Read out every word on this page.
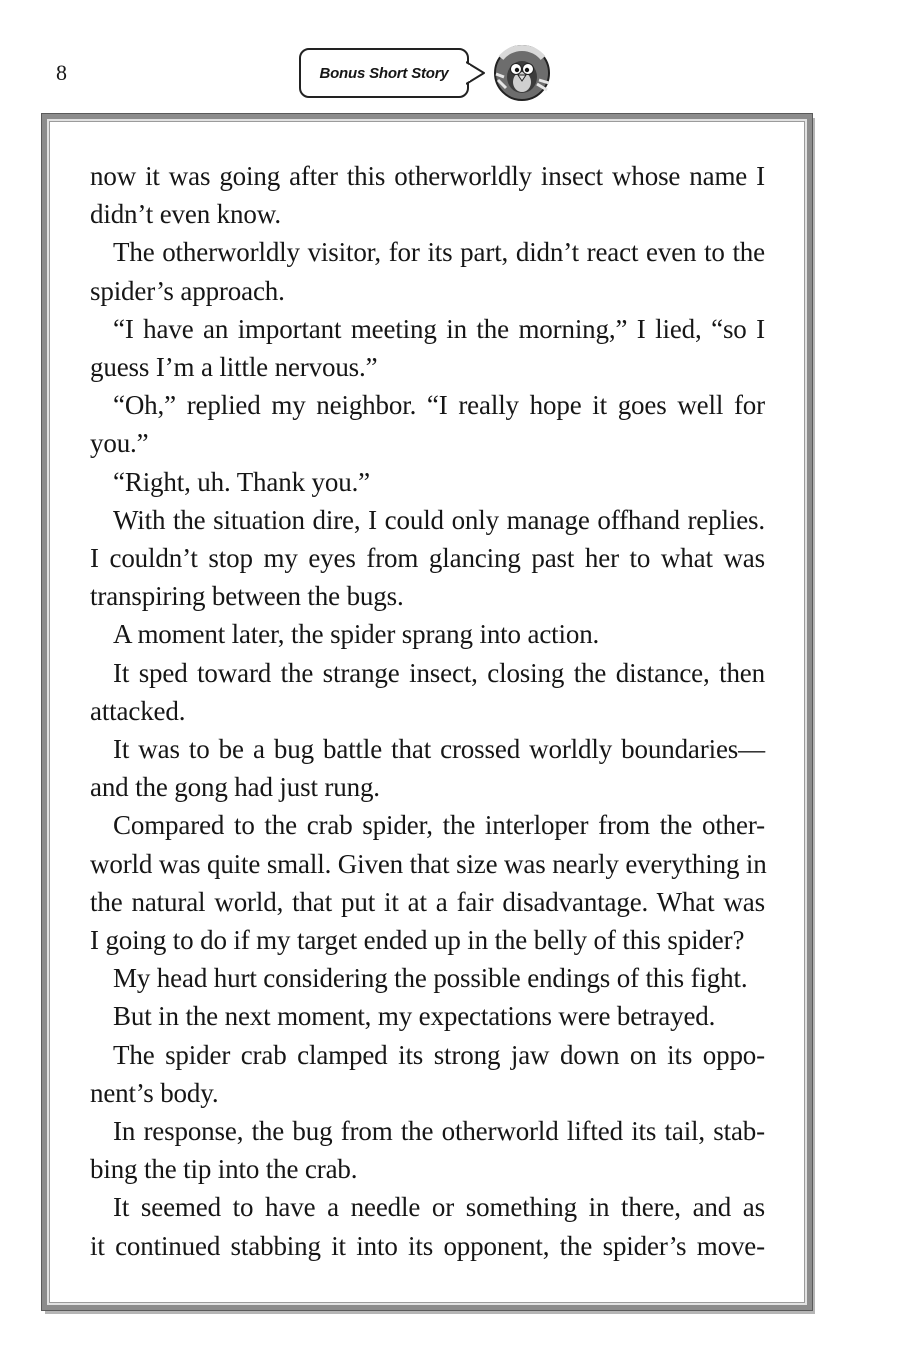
8	Bonus Short Story
now it was going after this otherworldly insect whose name I
didn’t even know.
The otherworldly visitor, for its part, didn’t react even to the
spider’s approach.
“I have an important meeting in the morning,” I lied, “so I
guess I’m a little nervous.”
“Oh,” replied my neighbor. “I really hope it goes well for
you.”
“Right, uh. Thank you.”
With the situation dire, I could only manage offhand replies.
I couldn’t stop my eyes from glancing past her to what was
transpiring between the bugs.
A moment later, the spider sprang into action.
It sped toward the strange insect, closing the distance, then
attacked.
It was to be a bug battle that crossed worldly boundaries—
and the gong had just rung.
Compared to the crab spider, the interloper from the other-
world was quite small. Given that size was nearly everything in
the natural world, that put it at a fair disadvantage. What was
I going to do if my target ended up in the belly of this spider?
My head hurt considering the possible endings of this fight.
But in the next moment, my expectations were betrayed.
The spider crab clamped its strong jaw down on its oppo-
nent’s body.
In response, the bug from the otherworld lifted its tail, stab-
bing the tip into the crab.
It seemed to have a needle or something in there, and as
it continued stabbing it into its opponent, the spider’s move-
